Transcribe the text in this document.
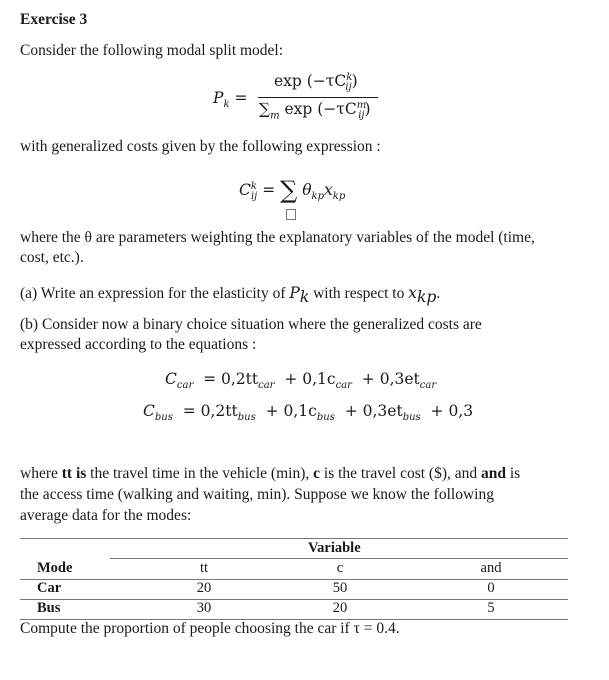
Exercise 3
Consider the following modal split model:
$P_k$ =
$\exp (-\tau C^k_{ij})$
$\sum_m$ $\exp (-\tau C^m_{ij})$
with generalized costs given by the following expression :
$C^k_{ij}$ = ∑ $\theta_{kp}x_{kp}$
where the θ are parameters weighting the explanatory variables of the model (time,
cost, etc.).
(a) Write an expression for the elasticity of $P_k$ with respect to $x_{kp}$.
(b) Consider now a binary choice situation where the generalized costs are
expressed according to the equations :
$C_{car} = 0,2tt_{car} + 0,1c_{car} + 0,3et_{car}$
$C_{bus} = 0,2tt_{bus} + 0,1c_{bus} + 0,3et_{bus} + 0,3$
where tt is the travel time in the vehicle (min), c is the travel cost ($), and and is
the access time (walking and waiting, min). Suppose we know the following
average data for the modes:
Variable
Mode	tt	c	and
Car	20	50	0
Bus	30	20	5
Compute the proportion of people choosing the car if τ = 0.4.
